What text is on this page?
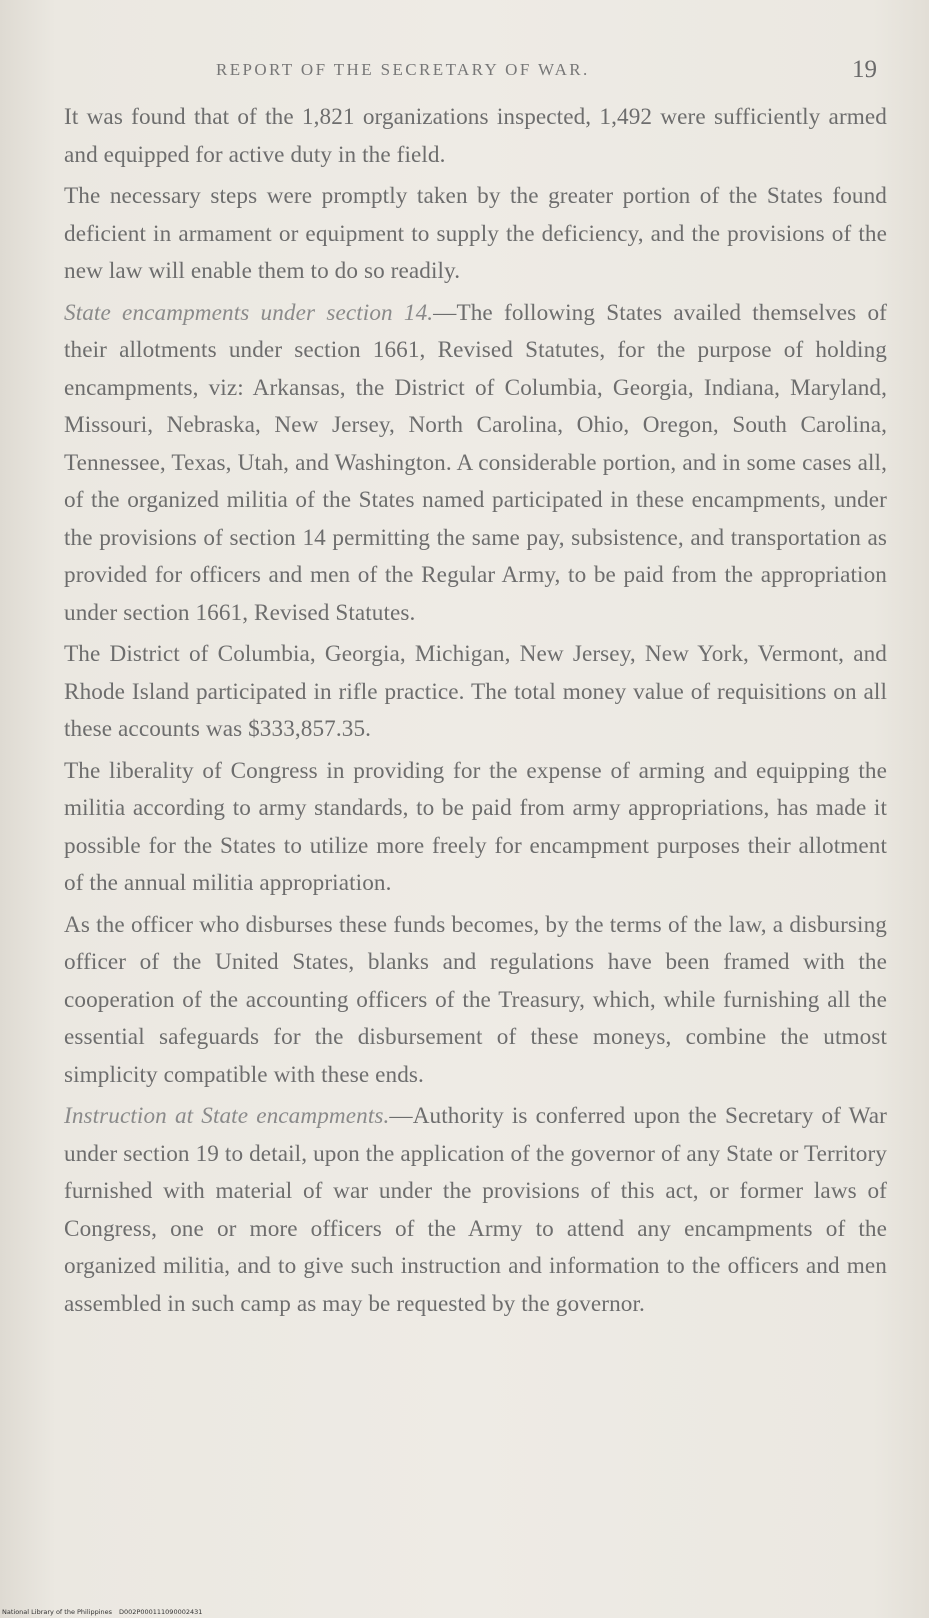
REPORT OF THE SECRETARY OF WAR.	19

It was found that of the 1,821 organizations inspected, 1,492 were sufficiently armed and equipped for active duty in the field.

The necessary steps were promptly taken by the greater portion of the States found deficient in armament or equipment to supply the deficiency, and the provisions of the new law will enable them to do so readily.

State encampments under section 14.—The following States availed themselves of their allotments under section 1661, Revised Statutes, for the purpose of holding encampments, viz: Arkansas, the District of Columbia, Georgia, Indiana, Maryland, Missouri, Nebraska, New Jersey, North Carolina, Ohio, Oregon, South Carolina, Tennessee, Texas, Utah, and Washington. A considerable portion, and in some cases all, of the organized militia of the States named participated in these encampments, under the provisions of section 14 permitting the same pay, subsistence, and transportation as provided for officers and men of the Regular Army, to be paid from the appropriation under section 1661, Revised Statutes.

The District of Columbia, Georgia, Michigan, New Jersey, New York, Vermont, and Rhode Island participated in rifle practice. The total money value of requisitions on all these accounts was $333,857.35.

The liberality of Congress in providing for the expense of arming and equipping the militia according to army standards, to be paid from army appropriations, has made it possible for the States to utilize more freely for encampment purposes their allotment of the annual militia appropriation.

As the officer who disburses these funds becomes, by the terms of the law, a disbursing officer of the United States, blanks and regulations have been framed with the cooperation of the accounting officers of the Treasury, which, while furnishing all the essential safeguards for the disbursement of these moneys, combine the utmost simplicity compatible with these ends.

Instruction at State encampments.—Authority is conferred upon the Secretary of War under section 19 to detail, upon the application of the governor of any State or Territory furnished with material of war under the provisions of this act, or former laws of Congress, one or more officers of the Army to attend any encampments of the organized militia, and to give such instruction and information to the officers and men assembled in such camp as may be requested by the governor.

National Library of the Philippines D002P000111090002431
